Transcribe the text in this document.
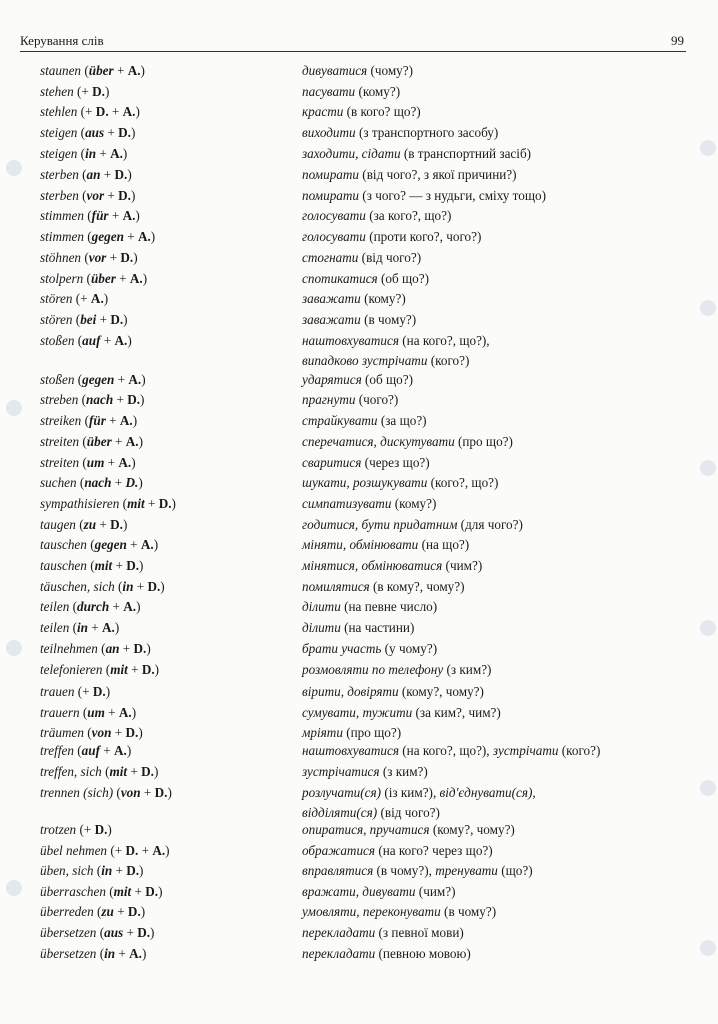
Керування слів	99
staunen (über + A.)	дивуватися (чому?)
stehen (+ D.)	пасувати (кому?)
stehlen (+ D. + A.)	красти (в кого? що?)
steigen (aus + D.)	виходити (з транспортного засобу)
steigen (in + A.)	заходити, сідати (в транспортний засіб)
sterben (an + D.)	помирати (від чого?, з якої причини?)
sterben (vor + D.)	помирати (з чого? — з нудьги, сміху тощо)
stimmen (für + A.)	голосувати (за кого?, що?)
stimmen (gegen + A.)	голосувати (проти кого?, чого?)
stöhnen (vor + D.)	стогнати (від чого?)
stolpern (über + A.)	спотикатися (об що?)
stören (+ A.)	заважати (кому?)
stören (bei + D.)	заважати (в чому?)
stoßen (auf + A.)	наштовхуватися (на кого?, що?),
випадково зустрічати (кого?)
stoßen (gegen + A.)	ударятися (об що?)
streben (nach + D.)	прагнути (чого?)
streiken (für + A.)	страйкувати (за що?)
streiten (über + A.)	сперечатися, дискутувати (про що?)
streiten (um + A.)	сваритися (через що?)
suchen (nach + D.)	шукати, розшукувати (кого?, що?)
sympathisieren (mit + D.)	симпатизувати (кому?)
taugen (zu + D.)	годитися, бути придатним (для чого?)
tauschen (gegen + A.)	міняти, обмінювати (на що?)
tauschen (mit + D.)	мінятися, обмінюватися (чим?)
täuschen, sich (in + D.)	помилятися (в кому?, чому?)
teilen (durch + A.)	ділити (на певне число)
teilen (in + A.)	ділити (на частини)
teilnehmen (an + D.)	брати участь (у чому?)
telefonieren (mit + D.)	розмовляти по телефону (з ким?)
trauen (+ D.)	вірити, довіряти (кому?, чому?)
trauern (um + A.)	сумувати, тужити (за ким?, чим?)
träumen (von + D.)	мріяти (про що?)
treffen (auf + A.)	наштовхуватися (на кого?, що?), зустрічати (кого?)
treffen, sich (mit + D.)	зустрічатися (з ким?)
trennen (sich) (von + D.)	розлучати(ся) (із ким?), від'єднувати(ся),
відділяти(ся) (від чого?)
trotzen (+ D.)	опиратися, пручатися (кому?, чому?)
übel nehmen (+ D. + A.)	ображатися (на кого? через що?)
üben, sich (in + D.)	вправлятися (в чому?), тренувати (що?)
überraschen (mit + D.)	вражати, дивувати (чим?)
überreden (zu + D.)	умовляти, переконувати (в чому?)
übersetzen (aus + D.)	перекладати (з певної мови)
übersetzen (in + A.)	перекладати (певною мовою)
